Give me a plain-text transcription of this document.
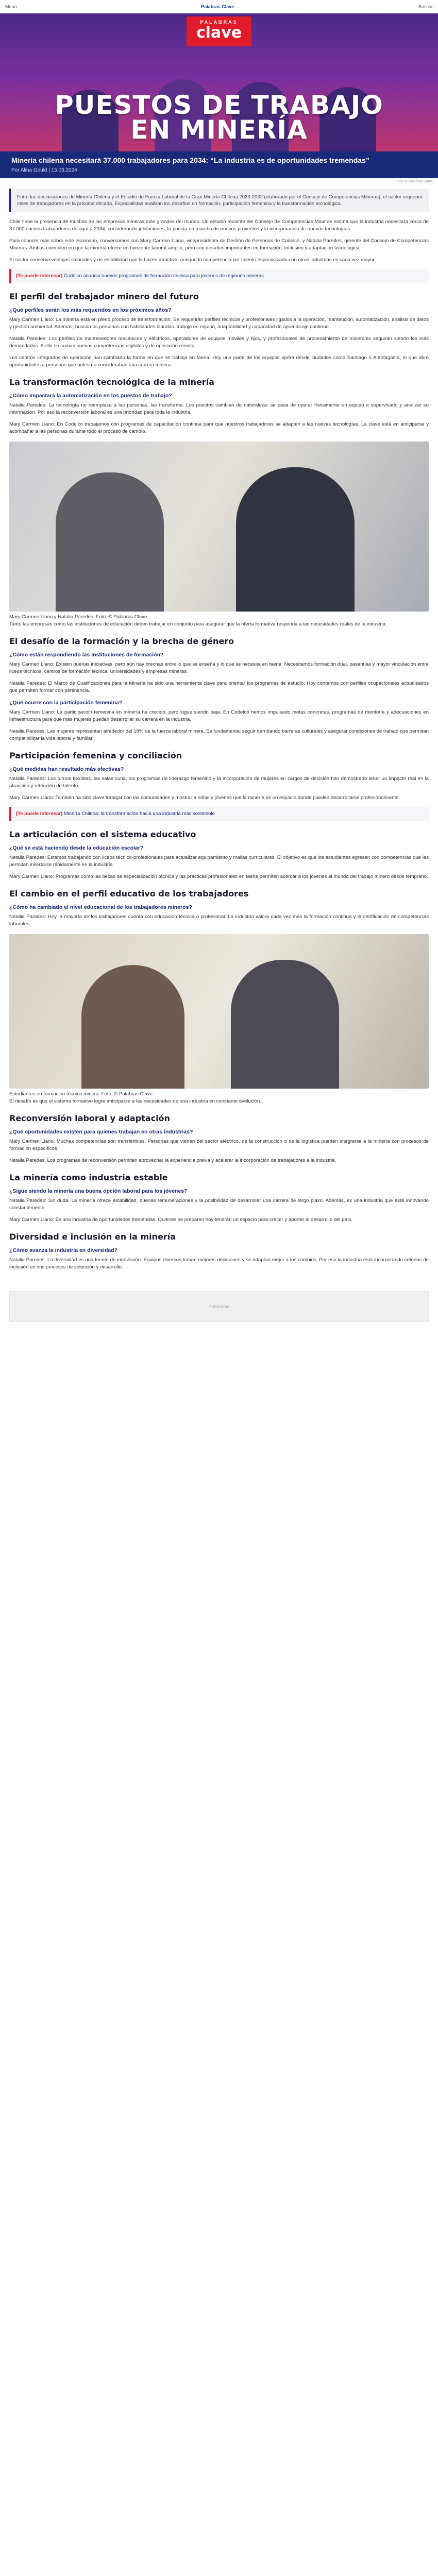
Menú	Palabras Clave	Buscar
PALABRAS
clave
PUESTOS DE TRABAJO
EN MINERÍA
Minería chilena necesitará 37.000 trabajadores para 2034: “La industria es de oportunidades tremendas”
Por Alina Gould | 15.03.2024
Foto: © Palabras Clave
Entre las declaraciones de Minería Chilena y el Estudio de Fuerza Laboral de la Gran Minería Chilena 2023-2032 (elaborado por el Consejo de Competencias Mineras), el sector requerirá miles de trabajadores en la próxima década. Especialistas analizan los desafíos en formación, participación femenina y la transformación tecnológica.

Chile tiene la presencia de muchas de las empresas mineras más grandes del mundo. Un estudio reciente del Consejo de Competencias Mineras estima que la industria necesitará cerca de 37.000 nuevos trabajadores de aquí a 2034, considerando jubilaciones, la puesta en marcha de nuevos proyectos y la incorporación de nuevas tecnologías.

Para conocer más sobre este escenario, conversamos con Mary Carmen Llano, vicepresidenta de Gestión de Personas de Codelco, y Natalia Paredes, gerente del Consejo de Competencias Mineras. Ambas coinciden en que la minería ofrece un horizonte laboral amplio, pero con desafíos importantes en formación, inclusión y adaptación tecnológica.

El sector conserva ventajas salariales y de estabilidad que la hacen atractiva, aunque la competencia por talento especializado con otras industrias es cada vez mayor.

[Te puede interesar] Codelco anuncia nuevos programas de formación técnica para jóvenes de regiones mineras
El perfil del trabajador minero del futuro
¿Qué perfiles serán los más requeridos en los próximos años?

Mary Carmen Llano: La minería está en pleno proceso de transformación. Se requerirán perfiles técnicos y profesionales ligados a la operación, mantención, automatización, análisis de datos y gestión ambiental. Además, buscamos personas con habilidades blandas: trabajo en equipo, adaptabilidad y capacidad de aprendizaje continuo.

Natalia Paredes: Los perfiles de mantenedores mecánicos y eléctricos, operadores de equipos móviles y fijos, y profesionales de procesamiento de minerales seguirán siendo los más demandados. A ello se suman nuevas competencias digitales y de operación remota.

Los centros integrados de operación han cambiado la forma en que se trabaja en faena. Hoy una parte de los equipos opera desde ciudades como Santiago o Antofagasta, lo que abre oportunidades a personas que antes no consideraban una carrera minera.

La transformación tecnológica de la minería
¿Cómo impactará la automatización en los puestos de trabajo?

Natalia Paredes: La tecnología no reemplaza a las personas, las transforma. Los puestos cambian de naturaleza: se pasa de operar físicamente un equipo a supervisarlo y analizar su información. Por eso la reconversión laboral es una prioridad para toda la industria.

Mary Carmen Llano: En Codelco trabajamos con programas de capacitación continua para que nuestros trabajadores se adapten a las nuevas tecnologías. La clave está en anticiparse y acompañar a las personas durante todo el proceso de cambio.

Mary Carmen Llano y Natalia Paredes. Foto: © Palabras Clave

Tanto las empresas como las instituciones de educación deben trabajar en conjunto para asegurar que la oferta formativa responda a las necesidades reales de la industria.

El desafío de la formación y la brecha de género
¿Cómo están respondiendo las instituciones de formación?

Mary Carmen Llano: Existen buenas iniciativas, pero aún hay brechas entre lo que se enseña y lo que se necesita en faena. Necesitamos formación dual, pasantías y mayor vinculación entre liceos técnicos, centros de formación técnica, universidades y empresas mineras.

Natalia Paredes: El Marco de Cualificaciones para la Minería ha sido una herramienta clave para orientar los programas de estudio. Hoy contamos con perfiles ocupacionales actualizados que permiten formar con pertinencia.

¿Qué ocurre con la participación femenina?

Mary Carmen Llano: La participación femenina en minería ha crecido, pero sigue siendo baja. En Codelco hemos impulsado metas concretas, programas de mentoría y adecuaciones en infraestructura para que más mujeres puedan desarrollar su carrera en la industria.

Natalia Paredes: Las mujeres representan alrededor del 18% de la fuerza laboral minera. Es fundamental seguir derribando barreras culturales y asegurar condiciones de trabajo que permitan compatibilizar la vida laboral y familiar.

Participación femenina y conciliación
¿Qué medidas han resultado más efectivas?

Natalia Paredes: Los turnos flexibles, las salas cuna, los programas de liderazgo femenino y la incorporación de mujeres en cargos de decisión han demostrado tener un impacto real en la atracción y retención de talento.

Mary Carmen Llano: También ha sido clave trabajar con las comunidades y mostrar a niñas y jóvenes que la minería es un espacio donde pueden desarrollarse profesionalmente.

[Te puede interesar] Minería Chilena: la transformación hacia una industria más sostenible
La articulación con el sistema educativo
¿Qué se está haciendo desde la educación escolar?

Natalia Paredes: Estamos trabajando con liceos técnico-profesionales para actualizar equipamiento y mallas curriculares. El objetivo es que los estudiantes egresen con competencias que les permitan insertarse rápidamente en la industria.

Mary Carmen Llano: Programas como las becas de especialización técnica y las prácticas profesionales en faena permiten acercar a los jóvenes al mundo del trabajo minero desde temprano.

El cambio en el perfil educativo de los trabajadores
¿Cómo ha cambiado el nivel educacional de los trabajadores mineros?

Natalia Paredes: Hoy la mayoría de los trabajadores cuenta con educación técnica o profesional. La industria valora cada vez más la formación continua y la certificación de competencias laborales.

Estudiantes en formación técnica minera. Foto: © Palabras Clave

El desafío es que el sistema formativo logre anticiparse a las necesidades de una industria en constante evolución.

Reconversión laboral y adaptación
¿Qué oportunidades existen para quienes trabajan en otras industrias?

Mary Carmen Llano: Muchas competencias son transferibles. Personas que vienen del sector eléctrico, de la construcción o de la logística pueden integrarse a la minería con procesos de formación específicos.

Natalia Paredes: Los programas de reconversión permiten aprovechar la experiencia previa y acelerar la incorporación de trabajadores a la industria.

La minería como industria estable
¿Sigue siendo la minería una buena opción laboral para los jóvenes?

Natalia Paredes: Sin duda. La minería ofrece estabilidad, buenas remuneraciones y la posibilidad de desarrollar una carrera de largo plazo. Además, es una industria que está innovando constantemente.

Mary Carmen Llano: Es una industria de oportunidades tremendas. Quienes se preparen hoy tendrán un espacio para crecer y aportar al desarrollo del país.

Diversidad e inclusión en la minería
¿Cómo avanza la industria en diversidad?

Natalia Paredes: La diversidad es una fuente de innovación. Equipos diversos toman mejores decisiones y se adaptan mejor a los cambios. Por eso la industria está incorporando criterios de inclusión en sus procesos de selección y desarrollo.

Publicidad
